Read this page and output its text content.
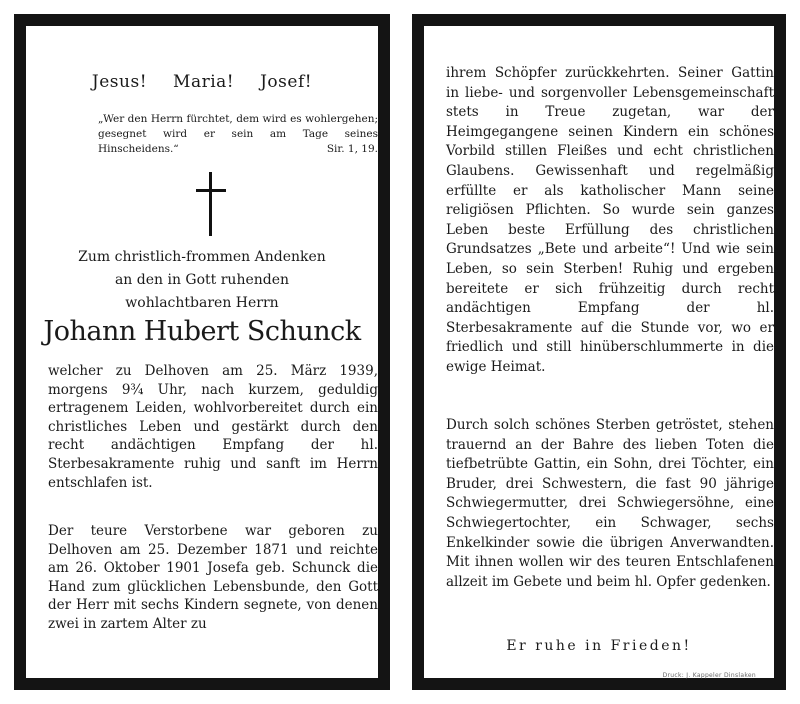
Jesus! Maria! Josef!
„Wer den Herrn fürchtet, dem wird es wohlergehen; gesegnet wird er sein am Tage seines Hinscheidens.“	Sir. 1, 19.
Zum christlich-frommen Andenken
an den in Gott ruhenden
wohlachtbaren Herrn
Johann Hubert Schunck

welcher zu Delhoven am 25. März 1939, morgens 9¾ Uhr, nach kurzem, geduldig ertragenem Leiden, wohlvorbereitet durch ein christliches Leben und gestärkt durch den recht andächtigen Empfang der hl. Sterbesakramente ruhig und sanft im Herrn entschlafen ist.

Der teure Verstorbene war geboren zu Delhoven am 25. Dezember 1871 und reichte am 26. Oktober 1901 Josefa geb. Schunck die Hand zum glücklichen Lebensbunde, den Gott der Herr mit sechs Kindern segnete, von denen zwei in zartem Alter zu

ihrem Schöpfer zurückkehrten. Seiner Gattin in liebe- und sorgenvoller Lebensgemeinschaft stets in Treue zugetan, war der Heimgegangene seinen Kindern ein schönes Vorbild stillen Fleißes und echt christlichen Glaubens. Gewissenhaft und regelmäßig erfüllte er als katholischer Mann seine religiösen Pflichten. So wurde sein ganzes Leben beste Erfüllung des christlichen Grundsatzes „Bete und arbeite“! Und wie sein Leben, so sein Sterben! Ruhig und ergeben bereitete er sich frühzeitig durch recht andächtigen Empfang der hl. Sterbesakramente auf die Stunde vor, wo er friedlich und still hinüberschlummerte in die ewige Heimat.

Durch solch schönes Sterben getröstet, stehen trauernd an der Bahre des lieben Toten die tiefbetrübte Gattin, ein Sohn, drei Töchter, ein Bruder, drei Schwestern, die fast 90 jährige Schwiegermutter, drei Schwiegersöhne, eine Schwiegertochter, ein Schwager, sechs Enkelkinder sowie die übrigen Anverwandten. Mit ihnen wollen wir des teuren Entschlafenen allzeit im Gebete und beim hl. Opfer gedenken.

Er ruhe in Frieden!
Druck: J. Kappeler Dinslaken
